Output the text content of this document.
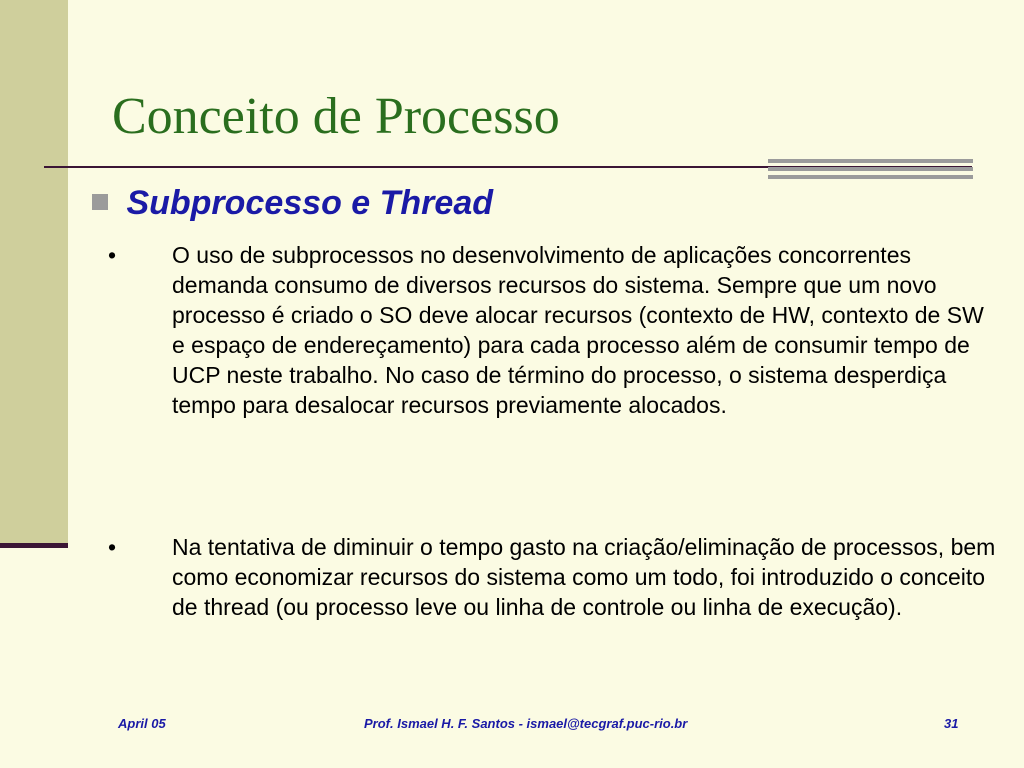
Conceito de Processo
Subprocesso e Thread
• O uso de subprocessos no desenvolvimento de aplicações concorrentes demanda consumo de diversos recursos do sistema. Sempre que um novo processo é criado o SO deve alocar recursos (contexto de HW, contexto de SW e espaço de endereçamento) para cada processo além de consumir tempo de UCP neste trabalho. No caso de término do processo, o sistema desperdiça tempo para desalocar recursos previamente alocados.
• Na tentativa de diminuir o tempo gasto na criação/eliminação de processos, bem como economizar recursos do sistema como um todo, foi introduzido o conceito de thread (ou processo leve ou linha de controle ou linha de execução).
April 05	Prof. Ismael H. F. Santos - ismael@tecgraf.puc-rio.br	31
